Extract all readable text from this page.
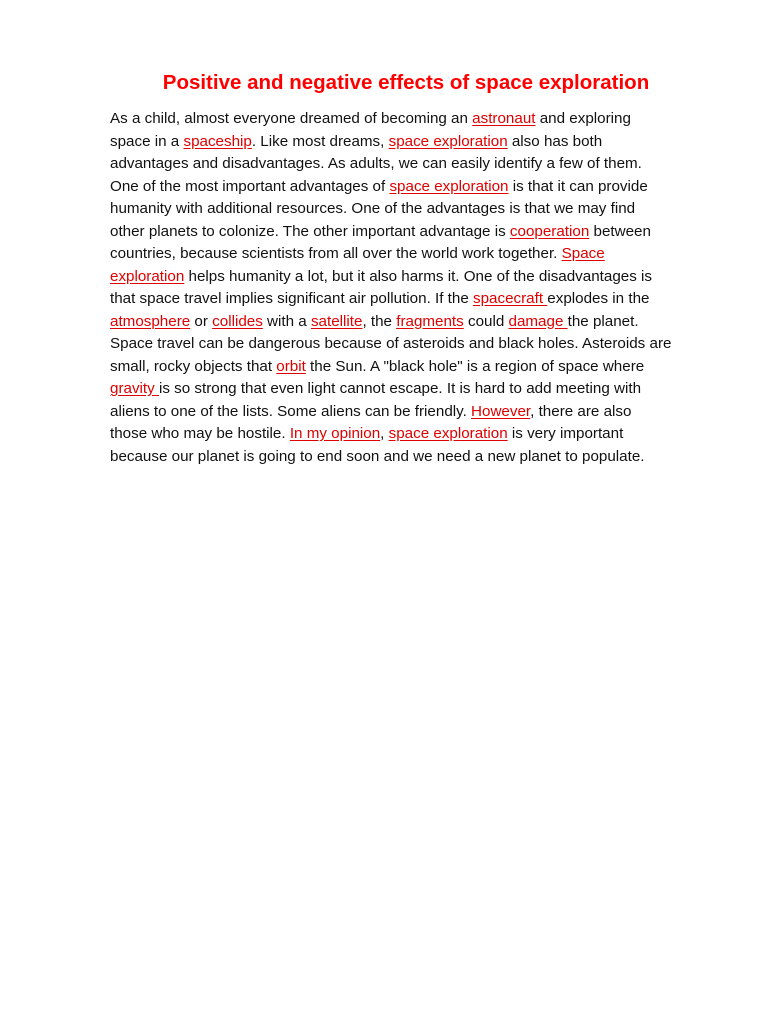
Positive and negative effects of space exploration
As a child, almost everyone dreamed of becoming an astronaut and exploring
space in a spaceship. Like most dreams, space exploration also has both
advantages and disadvantages. As adults, we can easily identify a few of them.
One of the most important advantages of space exploration is that it can provide
humanity with additional resources. One of the advantages is that we may find
other planets to colonize. The other important advantage is cooperation between
countries, because scientists from all over the world work together. Space
exploration helps humanity a lot, but it also harms it. One of the disadvantages is
that space travel implies significant air pollution. If the spacecraft explodes in the
atmosphere or collides with a satellite, the fragments could damage the planet.
Space travel can be dangerous because of asteroids and black holes. Asteroids are
small, rocky objects that orbit the Sun. A "black hole" is a region of space where
gravity is so strong that even light cannot escape. It is hard to add meeting with
aliens to one of the lists. Some aliens can be friendly. However, there are also
those who may be hostile. In my opinion, space exploration is very important
because our planet is going to end soon and we need a new planet to populate.
